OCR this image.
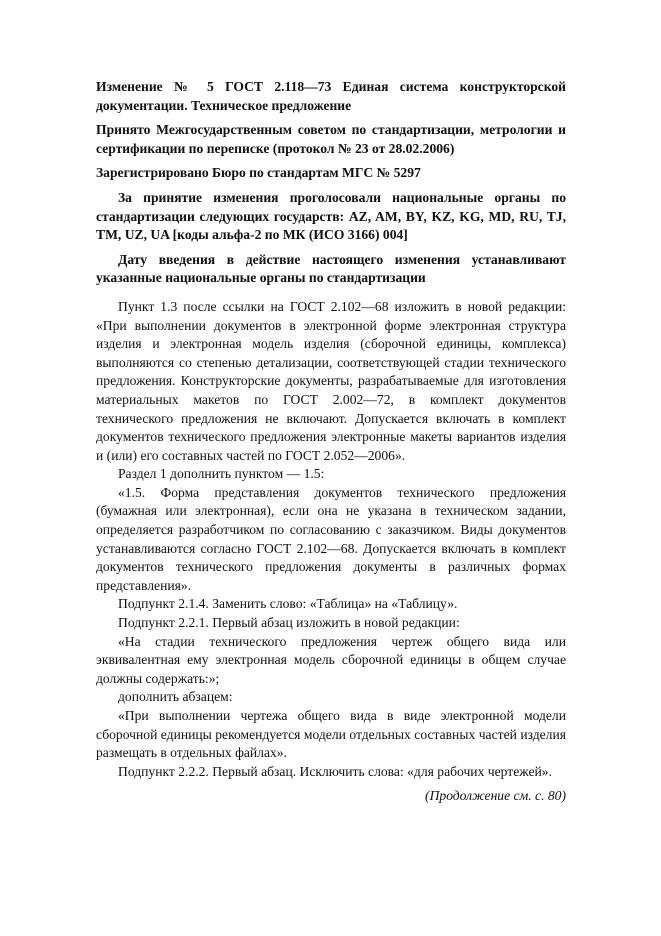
Изменение № 5 ГОСТ 2.118—73 Единая система конструкторской документации. Техническое предложение

Принято Межгосударственным советом по стандартизации, метрологии и сертификации по переписке (протокол № 23 от 28.02.2006)

Зарегистрировано Бюро по стандартам МГС № 5297

За принятие изменения проголосовали национальные органы по стандартизации следующих государств: AZ, AM, BY, KZ, KG, MD, RU, TJ, TM, UZ, UA [коды альфа-2 по МК (ИСО 3166) 004]

Дату введения в действие настоящего изменения устанавливают указанные национальные органы по стандартизации

Пункт 1.3 после ссылки на ГОСТ 2.102—68 изложить в новой редакции: «При выполнении документов в электронной форме электронная структура изделия и электронная модель изделия (сборочной единицы, комплекса) выполняются со степенью детализации, соответствующей стадии технического предложения. Конструкторские документы, разрабатываемые для изготовления материальных макетов по ГОСТ 2.002—72, в комплект документов технического предложения не включают. Допускается включать в комплект документов технического предложения электронные макеты вариантов изделия и (или) его составных частей по ГОСТ 2.052—2006».

Раздел 1 дополнить пунктом — 1.5:

«1.5. Форма представления документов технического предложения (бумажная или электронная), если она не указана в техническом задании, определяется разработчиком по согласованию с заказчиком. Виды документов устанавливаются согласно ГОСТ 2.102—68. Допускается включать в комплект документов технического предложения документы в различных формах представления».

Подпункт 2.1.4. Заменить слово: «Таблица» на «Таблицу».

Подпункт 2.2.1. Первый абзац изложить в новой редакции:

«На стадии технического предложения чертеж общего вида или эквивалентная ему электронная модель сборочной единицы в общем случае должны содержать:»;

дополнить абзацем:

«При выполнении чертежа общего вида в виде электронной модели сборочной единицы рекомендуется модели отдельных составных частей изделия размещать в отдельных файлах».

Подпункт 2.2.2. Первый абзац. Исключить слова: «для рабочих чертежей».

(Продолжение см. с. 80)
